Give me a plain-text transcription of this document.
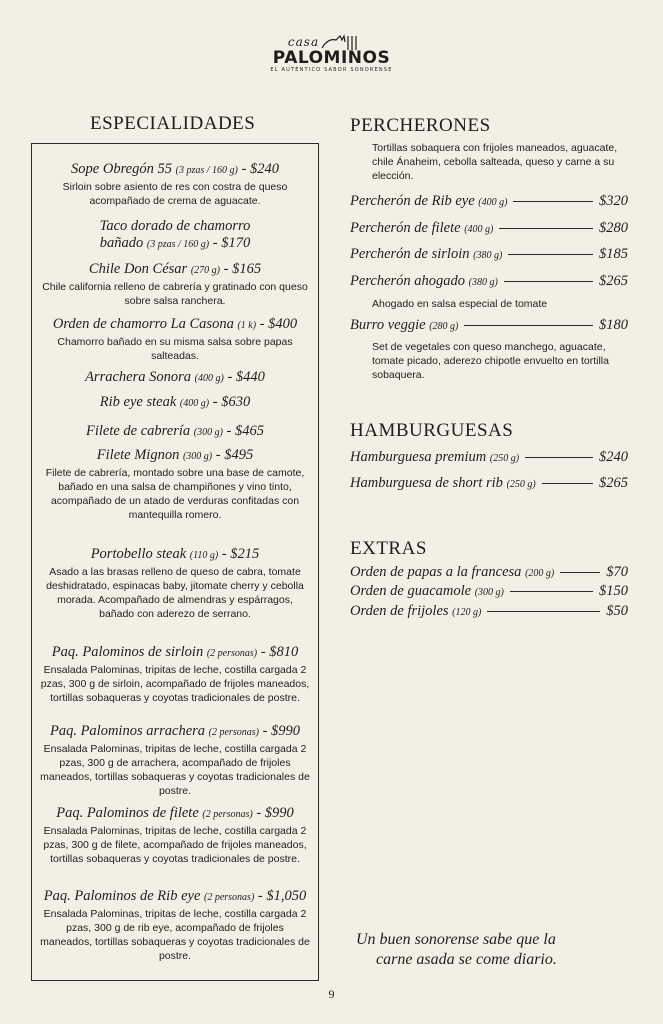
casa
PALOMINOS
EL AUTÉNTICO SABOR SONORENSE
ESPECIALIDADES
Sope Obregón 55 (3 pzas / 160 g) - $240
Sirloin sobre asiento de res con costra de queso acompañado de crema de aguacate.
Taco dorado de chamorro
bañado (3 pzas / 160 g) - $170
Chile Don César (270 g) - $165
Chile california relleno de cabrería y gratinado con queso sobre salsa ranchera.
Orden de chamorro La Casona (1 k) - $400
Chamorro bañado en su misma salsa sobre papas salteadas.
Arrachera Sonora (400 g) - $440
Rib eye steak (400 g) - $630
Filete de cabrería (300 g) - $465
Filete Mignon (300 g) - $495
Filete de cabrería, montado sobre una base de camote, bañado en una salsa de champiñones y vino tinto, acompañado de un atado de verduras confitadas con mantequilla romero.
Portobello steak (110 g) - $215
Asado a las brasas relleno de queso de cabra, tomate deshidratado, espinacas baby, jitomate cherry y cebolla morada. Acompañado de almendras y espárragos, bañado con aderezo de serrano.
Paq. Palominos de sirloin (2 personas) - $810
Ensalada Palominas, tripitas de leche, costilla cargada 2 pzas, 300 g de sirloin, acompañado de frijoles maneados, tortillas sobaqueras y coyotas tradicionales de postre.
Paq. Palominos arrachera (2 personas) - $990
Ensalada Palominas, tripitas de leche, costilla cargada 2 pzas, 300 g de arrachera, acompañado de frijoles maneados, tortillas sobaqueras y coyotas tradicionales de postre.
Paq. Palominos de filete (2 personas) - $990
Ensalada Palominas, tripitas de leche, costilla cargada 2 pzas, 300 g de filete, acompañado de frijoles maneados, tortillas sobaqueras y coyotas tradicionales de postre.
Paq. Palominos de Rib eye (2 personas) - $1,050
Ensalada Palominas, tripitas de leche, costilla cargada 2 pzas, 300 g de rib eye, acompañado de frijoles maneados, tortillas sobaqueras y coyotas tradicionales de postre.
PERCHERONES
Tortillas sobaquera con frijoles maneados, aguacate, chile Ánaheim, cebolla salteada, queso y carne a su elección.
Percherón de Rib eye (400 g)	$320
Percherón de filete (400 g)	$280
Percherón de sirloin (380 g)	$185
Percherón ahogado (380 g)	$265
Ahogado en salsa especial de tomate
Burro veggie (280 g)	$180
Set de vegetales con queso manchego, aguacate, tomate picado, aderezo chipotle envuelto en tortilla sobaquera.
HAMBURGUESAS
Hamburguesa premium (250 g)	$240
Hamburguesa de short rib (250 g)	$265
EXTRAS
Orden de papas a la francesa (200 g)	$70
Orden de guacamole (300 g)	$150
Orden de frijoles (120 g)	$50
Un buen sonorense sabe que la
carne asada se come diario.
9
